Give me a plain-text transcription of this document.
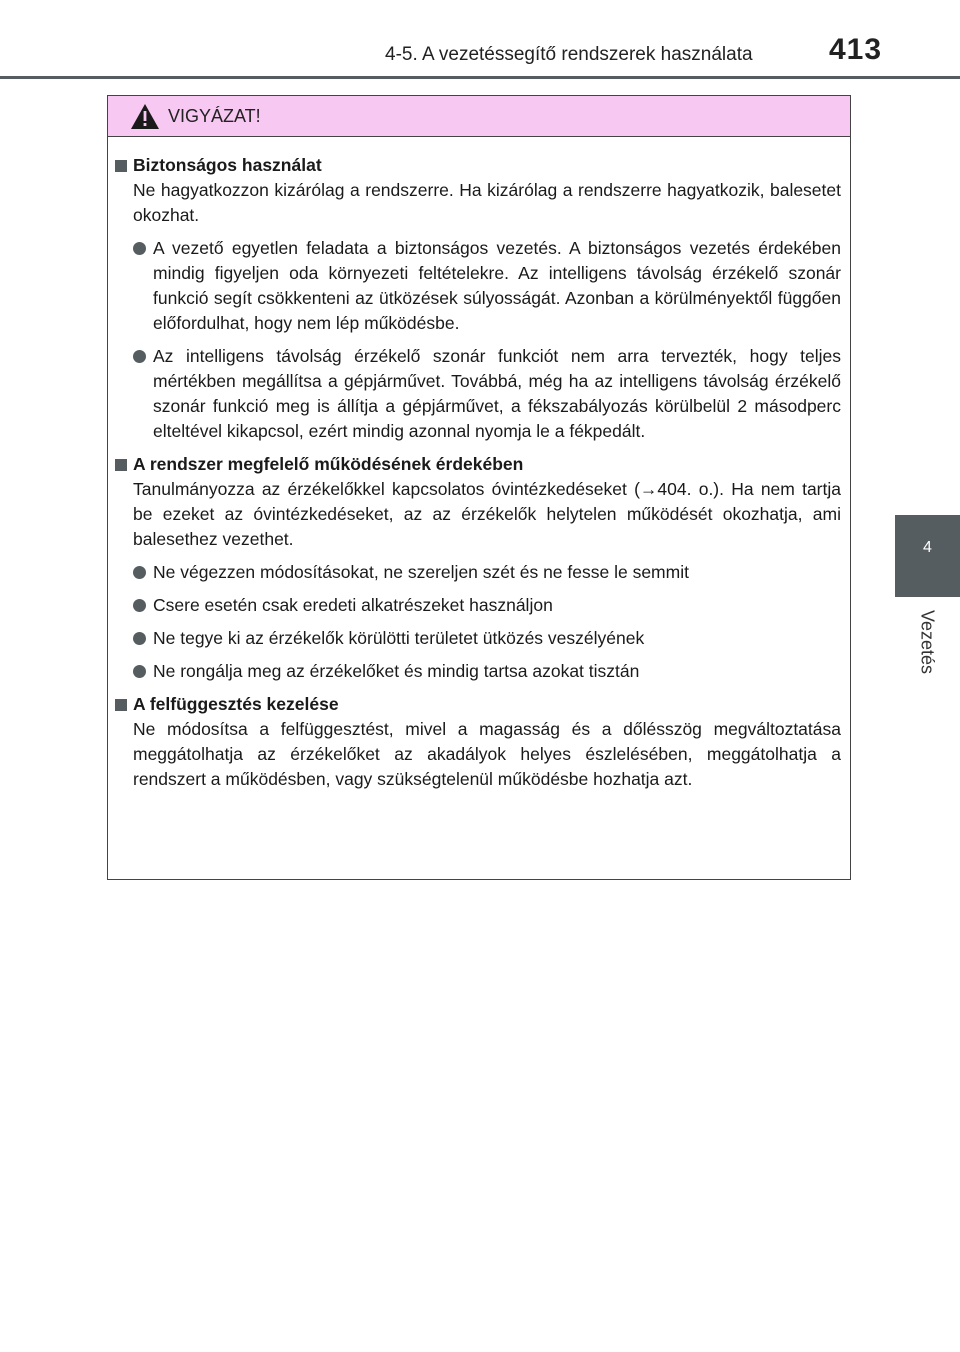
4-5. A vezetéssegítő rendszerek használata	413
4
Vezetés
VIGYÁZAT!
Biztonságos használat
Ne hagyatkozzon kizárólag a rendszerre. Ha kizárólag a rendszerre hagyatkozik, balesetet okozhat.
A vezető egyetlen feladata a biztonságos vezetés. A biztonságos vezetés érdekében mindig figyeljen oda környezeti feltételekre. Az intelligens távolság érzékelő szonár funkció segít csökkenteni az ütközések súlyosságát. Azonban a körülményektől függően előfordulhat, hogy nem lép működésbe.
Az intelligens távolság érzékelő szonár funkciót nem arra tervezték, hogy teljes mértékben megállítsa a gépjárművet. Továbbá, még ha az intelligens távolság érzékelő szonár funkció meg is állítja a gépjárművet, a fékszabályozás körülbelül 2 másodperc elteltével kikapcsol, ezért mindig azonnal nyomja le a fékpedált.
A rendszer megfelelő működésének érdekében
Tanulmányozza az érzékelőkkel kapcsolatos óvintézkedéseket (→404. o.). Ha nem tartja be ezeket az óvintézkedéseket, az az érzékelők helytelen működését okozhatja, ami balesethez vezethet.
Ne végezzen módosításokat, ne szereljen szét és ne fesse le semmit
Csere esetén csak eredeti alkatrészeket használjon
Ne tegye ki az érzékelők körülötti területet ütközés veszélyének
Ne rongálja meg az érzékelőket és mindig tartsa azokat tisztán
A felfüggesztés kezelése
Ne módosítsa a felfüggesztést, mivel a magasság és a dőlésszög megváltoztatása meggátolhatja az érzékelőket az akadályok helyes észlelésében, meggátolhatja a rendszert a működésben, vagy szükségtelenül működésbe hozhatja azt.
